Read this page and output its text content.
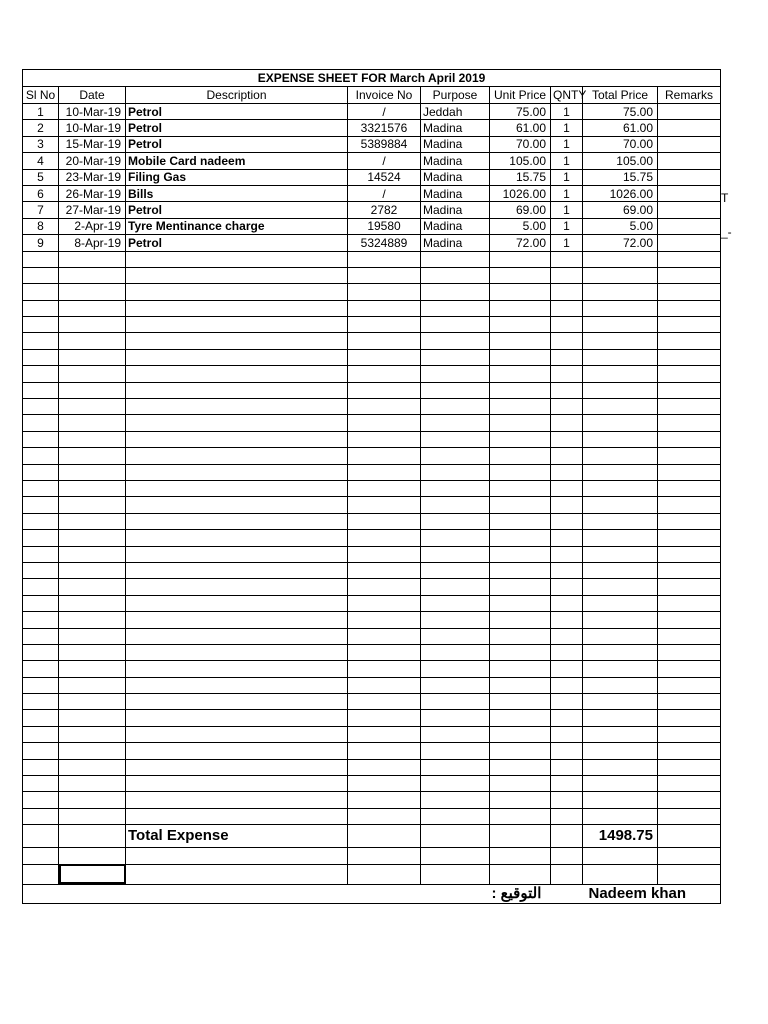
EXPENSE SHEET FOR March April 2019								
Sl No	Date	Description	Invoice No	Purpose	Unit Price	QNTY	Total Price	Remarks
1	10-Mar-19	Petrol	/	Jeddah	75.00	1	75.00	
2	10-Mar-19	Petrol	3321576	Madina	61.00	1	61.00	
3	15-Mar-19	Petrol	5389884	Madina	70.00	1	70.00	
4	20-Mar-19	Mobile Card nadeem	/	Madina	105.00	1	105.00	
5	23-Mar-19	Filing Gas	14524	Madina	15.75	1	15.75	
6	26-Mar-19	Bills	/	Madina	1026.00	1	1026.00	
7	27-Mar-19	Petrol	2782	Madina	69.00	1	69.00	
8	2-Apr-19	Tyre Mentinance charge	19580	Madina	5.00	1	5.00	
9	8-Apr-19	Petrol	5324889	Madina	72.00	1	72.00	

		Total Expense					1498.75	

					التوقيع :		Nadeem khan	
T
_-
